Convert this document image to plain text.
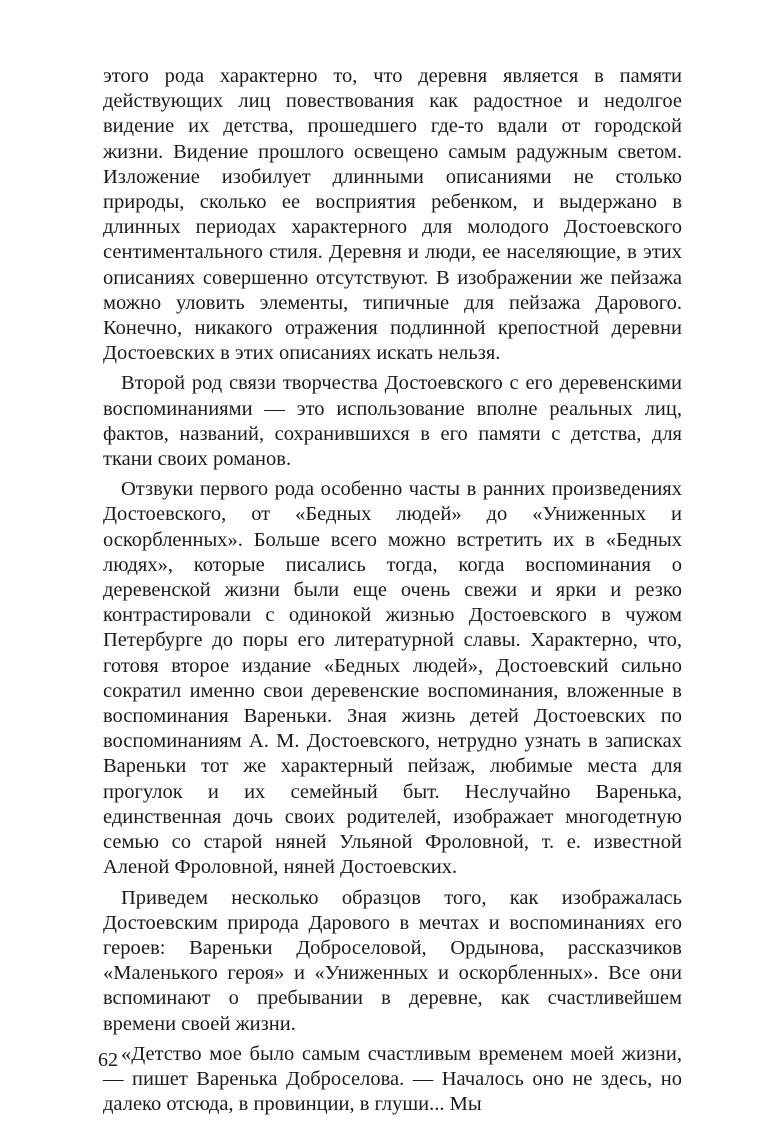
этого рода характерно то, что деревня является в памяти действующих лиц повествования как радостное и недолгое видение их детства, прошедшего где-то вдали от городской жизни. Видение прошлого освещено самым радужным светом. Изложение изобилует длинными описаниями не столько природы, сколько ее восприятия ребенком, и выдержано в длинных периодах характерного для молодого Достоевского сентиментального стиля. Деревня и люди, ее населяющие, в этих описаниях совершенно отсутствуют. В изображении же пейзажа можно уловить элементы, типичные для пейзажа Дарового. Конечно, никакого отражения подлинной крепостной деревни Достоевских в этих описаниях искать нельзя.

Второй род связи творчества Достоевского с его деревенскими воспоминаниями — это использование вполне реальных лиц, фактов, названий, сохранившихся в его памяти с детства, для ткани своих романов.

Отзвуки первого рода особенно часты в ранних произведениях Достоевского, от «Бедных людей» до «Униженных и оскорбленных». Больше всего можно встретить их в «Бедных людях», которые писались тогда, когда воспоминания о деревенской жизни были еще очень свежи и ярки и резко контрастировали с одинокой жизнью Достоевского в чужом Петербурге до поры его литературной славы. Характерно, что, готовя второе издание «Бедных людей», Достоевский сильно сократил именно свои деревенские воспоминания, вложенные в воспоминания Вареньки. Зная жизнь детей Достоевских по воспоминаниям А. М. Достоевского, нетрудно узнать в записках Вареньки тот же характерный пейзаж, любимые места для прогулок и их семейный быт. Неслучайно Варенька, единственная дочь своих родителей, изображает многодетную семью со старой няней Ульяной Фроловной, т. е. известной Аленой Фроловной, няней Достоевских.

Приведем несколько образцов того, как изображалась Достоевским природа Дарового в мечтах и воспоминаниях его героев: Вареньки Доброселовой, Ордынова, рассказчиков «Маленького героя» и «Униженных и оскорбленных». Все они вспоминают о пребывании в деревне, как счастливейшем времени своей жизни.

«Детство мое было самым счастливым временем моей жизни, — пишет Варенька Доброселова. — Началось оно не здесь, но далеко отсюда, в провинции, в глуши... Мы

62
